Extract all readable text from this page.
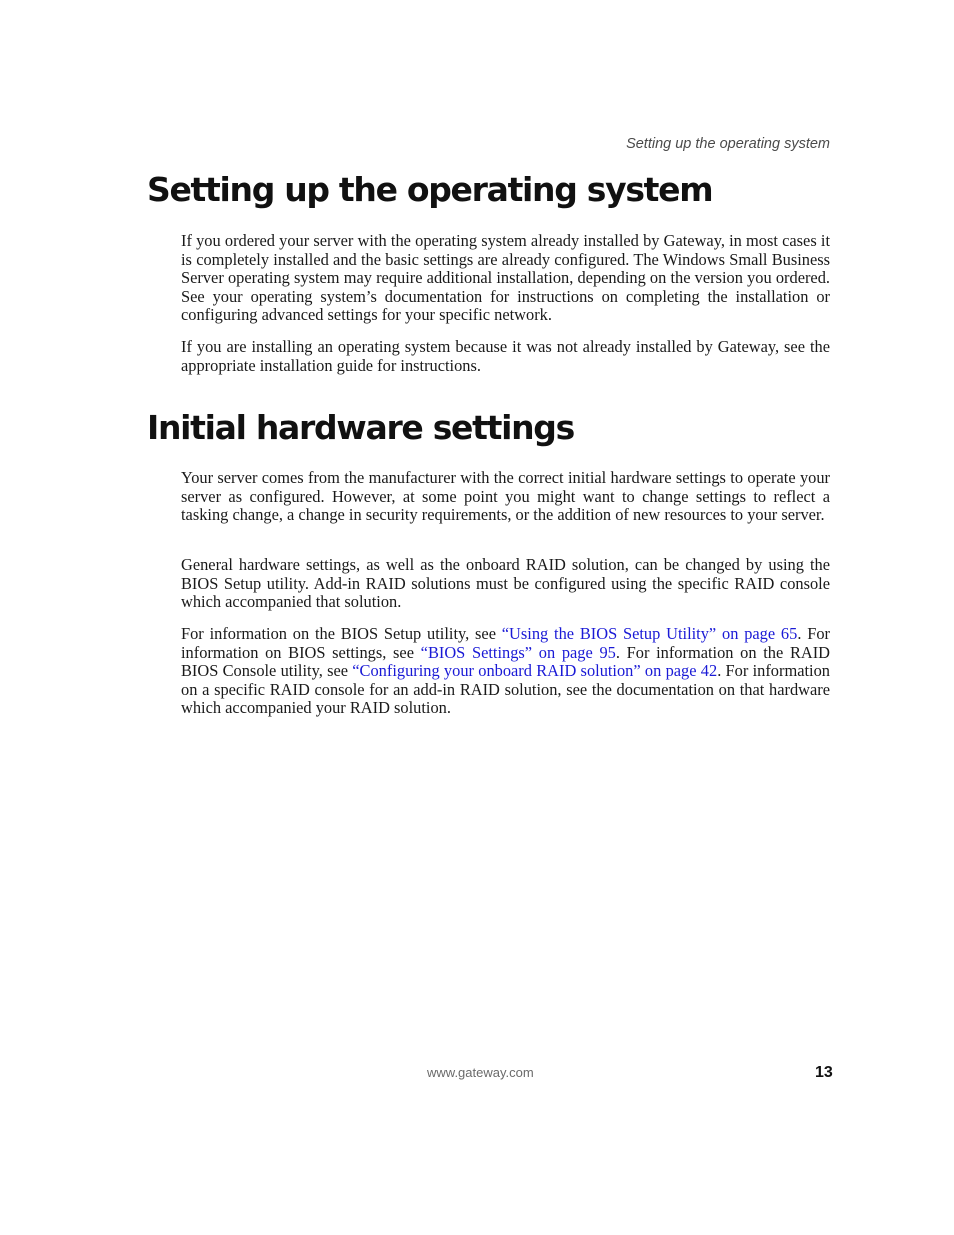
Setting up the operating system
Setting up the operating system

If you ordered your server with the operating system already installed by Gateway, in most cases it is completely installed and the basic settings are already configured. The Windows Small Business Server operating system may require additional installation, depending on the version you ordered. See your operating system’s documentation for instructions on completing the installation or configuring advanced settings for your specific network.

If you are installing an operating system because it was not already installed by Gateway, see the appropriate installation guide for instructions.

Initial hardware settings

Your server comes from the manufacturer with the correct initial hardware settings to operate your server as configured. However, at some point you might want to change settings to reflect a tasking change, a change in security requirements, or the addition of new resources to your server.

General hardware settings, as well as the onboard RAID solution, can be changed by using the BIOS Setup utility. Add-in RAID solutions must be configured using the specific RAID console which accompanied that solution.

For information on the BIOS Setup utility, see “Using the BIOS Setup Utility” on page 65. For information on BIOS settings, see “BIOS Settings” on page 95. For information on the RAID BIOS Console utility, see “Configuring your onboard RAID solution” on page 42. For information on a specific RAID console for an add-in RAID solution, see the documentation on that hardware which accompanied your RAID solution.

www.gateway.com	13
